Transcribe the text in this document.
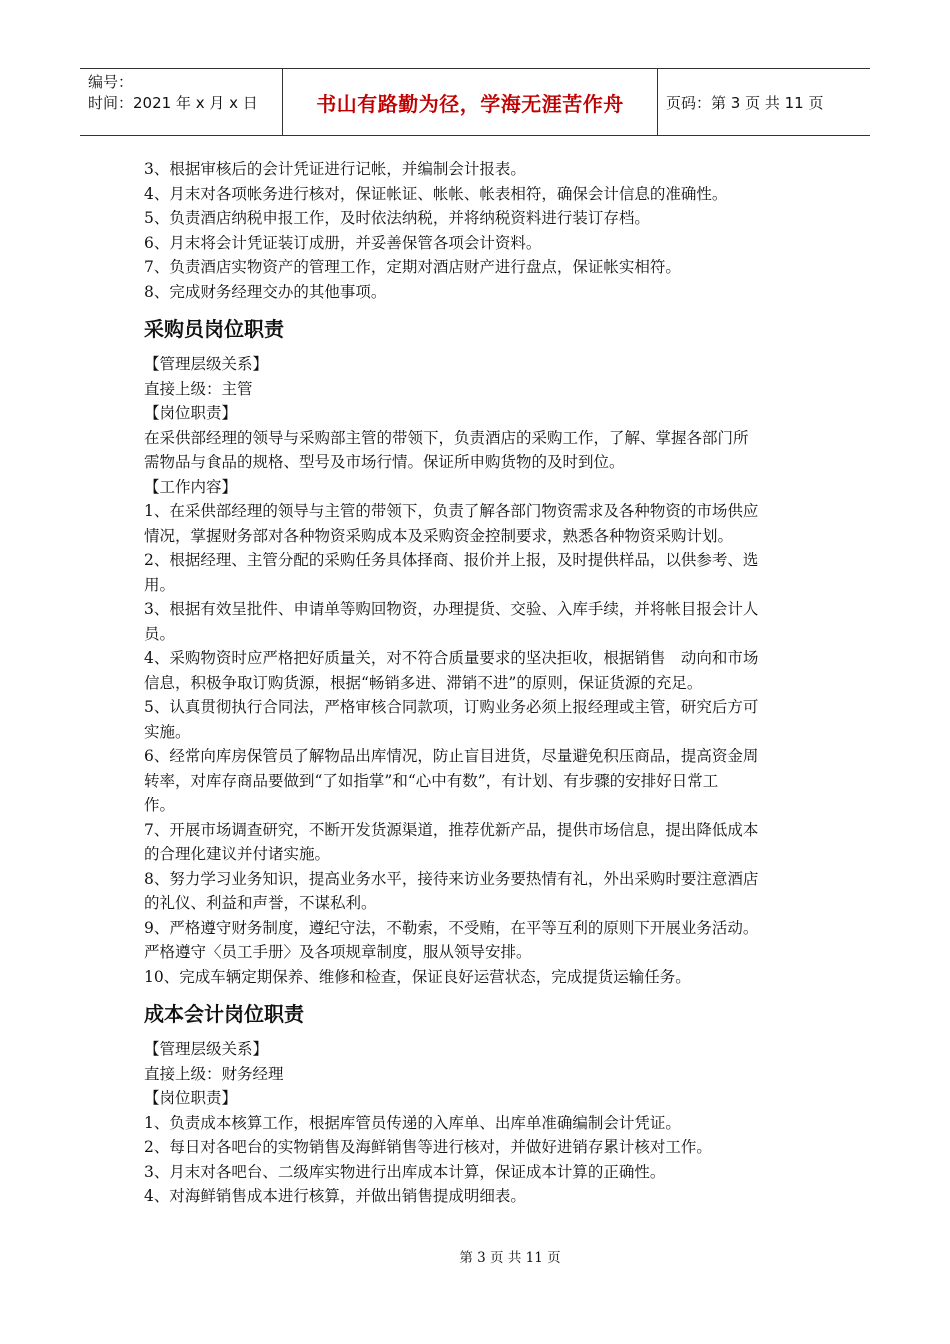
编号：
时间：2021 年 x 月 x 日	书山有路勤为径，学海无涯苦作舟	页码：第 3 页 共 11 页
3、根据审核后的会计凭证进行记帐，并编制会计报表。
4、月末对各项帐务进行核对，保证帐证、帐帐、帐表相符，确保会计信息的准确性。
5、负责酒店纳税申报工作，及时依法纳税，并将纳税资料进行装订存档。
6、月末将会计凭证装订成册，并妥善保管各项会计资料。
7、负责酒店实物资产的管理工作，定期对酒店财产进行盘点，保证帐实相符。
8、完成财务经理交办的其他事项。
采购员岗位职责
【管理层级关系】
直接上级：主管
【岗位职责】
在采供部经理的领导与采购部主管的带领下，负责酒店的采购工作，了解、掌握各部门所
需物品与食品的规格、型号及市场行情。保证所申购货物的及时到位。
【工作内容】
1、在采供部经理的领导与主管的带领下，负责了解各部门物资需求及各种物资的市场供应
情况，掌握财务部对各种物资采购成本及采购资金控制要求，熟悉各种物资采购计划。
2、根据经理、主管分配的采购任务具体择商、报价并上报，及时提供样品，以供参考、选
用。
3、根据有效呈批件、申请单等购回物资，办理提货、交验、入库手续，并将帐目报会计人
员。
4、采购物资时应严格把好质量关，对不符合质量要求的坚决拒收，根据销售　动向和市场
信息，积极争取订购货源，根据“畅销多进、滞销不进”的原则，保证货源的充足。
5、认真贯彻执行合同法，严格审核合同款项，订购业务必须上报经理或主管，研究后方可
实施。
6、经常向库房保管员了解物品出库情况，防止盲目进货，尽量避免积压商品，提高资金周
转率，对库存商品要做到“了如指掌”和“心中有数”，有计划、有步骤的安排好日常工
作。
7、开展市场调查研究，不断开发货源渠道，推荐优新产品，提供市场信息，提出降低成本
的合理化建议并付诸实施。
8、努力学习业务知识，提高业务水平，接待来访业务要热情有礼，外出采购时要注意酒店
的礼仪、利益和声誉，不谋私利。
9、严格遵守财务制度，遵纪守法，不勒索，不受贿，在平等互利的原则下开展业务活动。
严格遵守〈员工手册〉及各项规章制度，服从领导安排。
10、完成车辆定期保养、维修和检查，保证良好运营状态，完成提货运输任务。
成本会计岗位职责
【管理层级关系】
直接上级：财务经理
【岗位职责】
1、负责成本核算工作，根据库管员传递的入库单、出库单准确编制会计凭证。
2、每日对各吧台的实物销售及海鲜销售等进行核对，并做好进销存累计核对工作。
3、月末对各吧台、二级库实物进行出库成本计算，保证成本计算的正确性。
4、对海鲜销售成本进行核算，并做出销售提成明细表。
第 3 页 共 11 页
